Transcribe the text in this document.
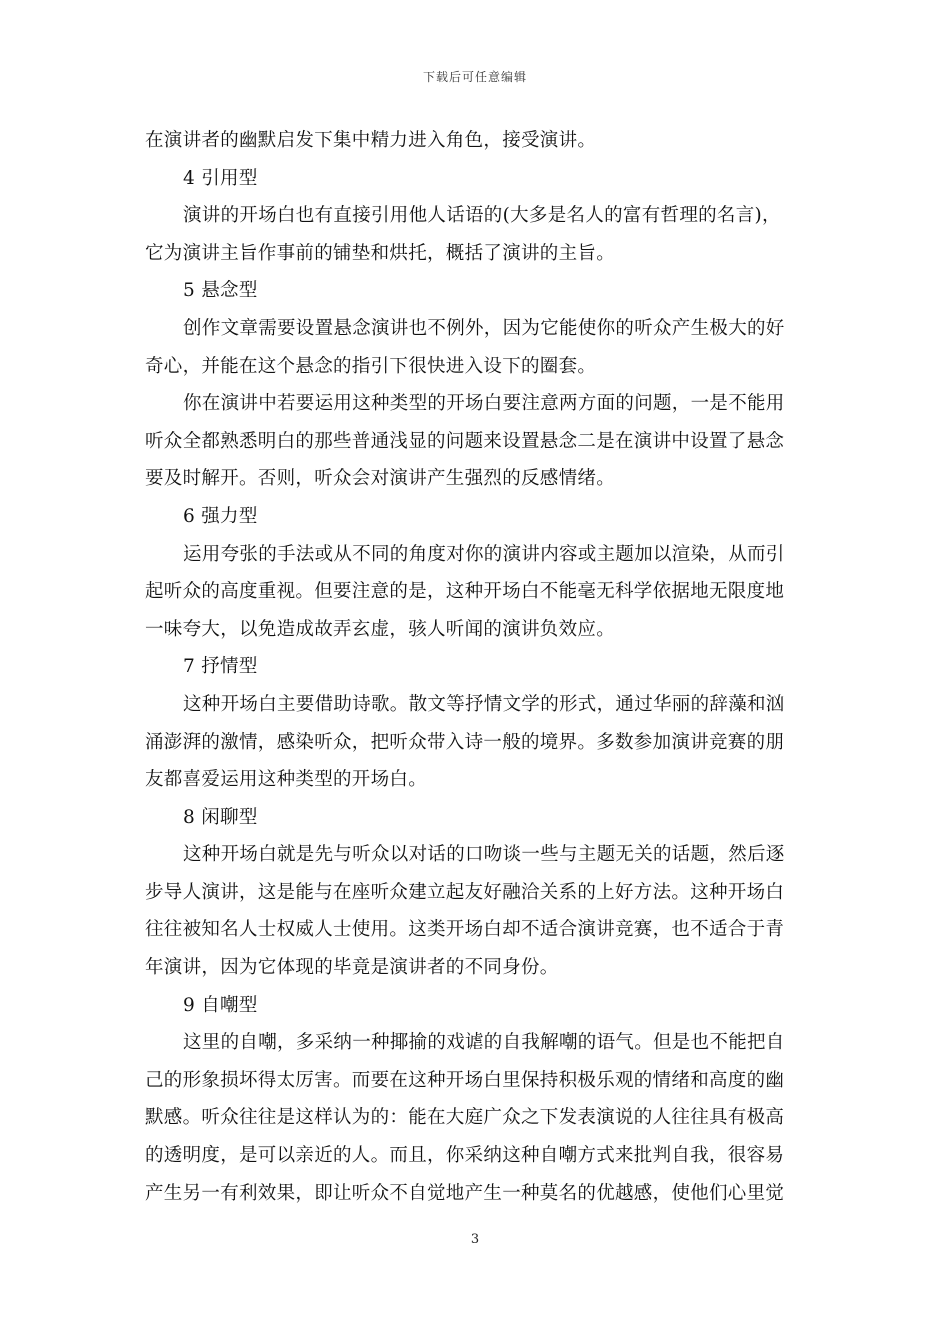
下载后可任意编辑
在演讲者的幽默启发下集中精力进入角色，接受演讲。
4 引用型
演讲的开场白也有直接引用他人话语的(大多是名人的富有哲理的名言)，
它为演讲主旨作事前的铺垫和烘托，概括了演讲的主旨。
5 悬念型
创作文章需要设置悬念演讲也不例外，因为它能使你的听众产生极大的好
奇心，并能在这个悬念的指引下很快进入设下的圈套。
你在演讲中若要运用这种类型的开场白要注意两方面的问题，一是不能用
听众全都熟悉明白的那些普通浅显的问题来设置悬念二是在演讲中设置了悬念
要及时解开。否则，听众会对演讲产生强烈的反感情绪。
6 强力型
运用夸张的手法或从不同的角度对你的演讲内容或主题加以渲染，从而引
起听众的高度重视。但要注意的是，这种开场白不能毫无科学依据地无限度地
一味夸大，以免造成故弄玄虚，骇人听闻的演讲负效应。
7 抒情型
这种开场白主要借助诗歌。散文等抒情文学的形式，通过华丽的辞藻和汹
涌澎湃的激情，感染听众，把听众带入诗一般的境界。多数参加演讲竞赛的朋
友都喜爱运用这种类型的开场白。
8 闲聊型
这种开场白就是先与听众以对话的口吻谈一些与主题无关的话题，然后逐
步导人演讲，这是能与在座听众建立起友好融洽关系的上好方法。这种开场白
往往被知名人士权威人士使用。这类开场白却不适合演讲竞赛，也不适合于青
年演讲，因为它体现的毕竟是演讲者的不同身份。
9 自嘲型
这里的自嘲，多采纳一种揶揄的戏谑的自我解嘲的语气。但是也不能把自
己的形象损坏得太厉害。而要在这种开场白里保持积极乐观的情绪和高度的幽
默感。听众往往是这样认为的：能在大庭广众之下发表演说的人往往具有极高
的透明度，是可以亲近的人。而且，你采纳这种自嘲方式来批判自我，很容易
产生另一有利效果，即让听众不自觉地产生一种莫名的优越感，使他们心里觉
3
